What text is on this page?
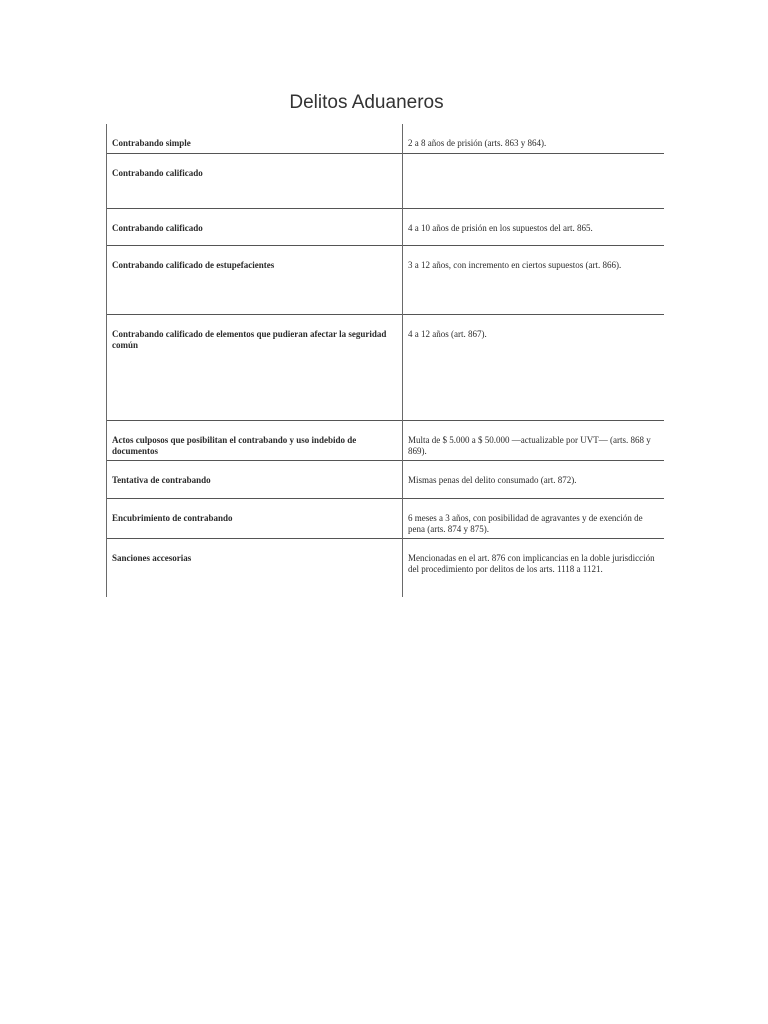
Delitos Aduaneros
Contrabando simple	2 a 8 años de prisión (arts. 863 y 864).
Contrabando calificado	
Contrabando calificado	4 a 10 años de prisión en los supuestos del art. 865.
Contrabando calificado de estupefacientes	3 a 12 años, con incremento en ciertos supuestos (art. 866).
Contrabando calificado de elementos que pudieran afectar la seguridad común	4 a 12 años (art. 867).
Actos culposos que posibilitan el contrabando y uso indebido de documentos	Multa de $ 5.000 a $ 50.000 —actualizable por UVT— (arts. 868 y 869).
Tentativa de contrabando	Mismas penas del delito consumado (art. 872).
Encubrimiento de contrabando	6 meses a 3 años, con posibilidad de agravantes y de exención de pena (arts. 874 y 875).
Sanciones accesorias	Mencionadas en el art. 876 con implicancias en la doble jurisdicción del procedimiento por delitos de los arts. 1118 a 1121.
